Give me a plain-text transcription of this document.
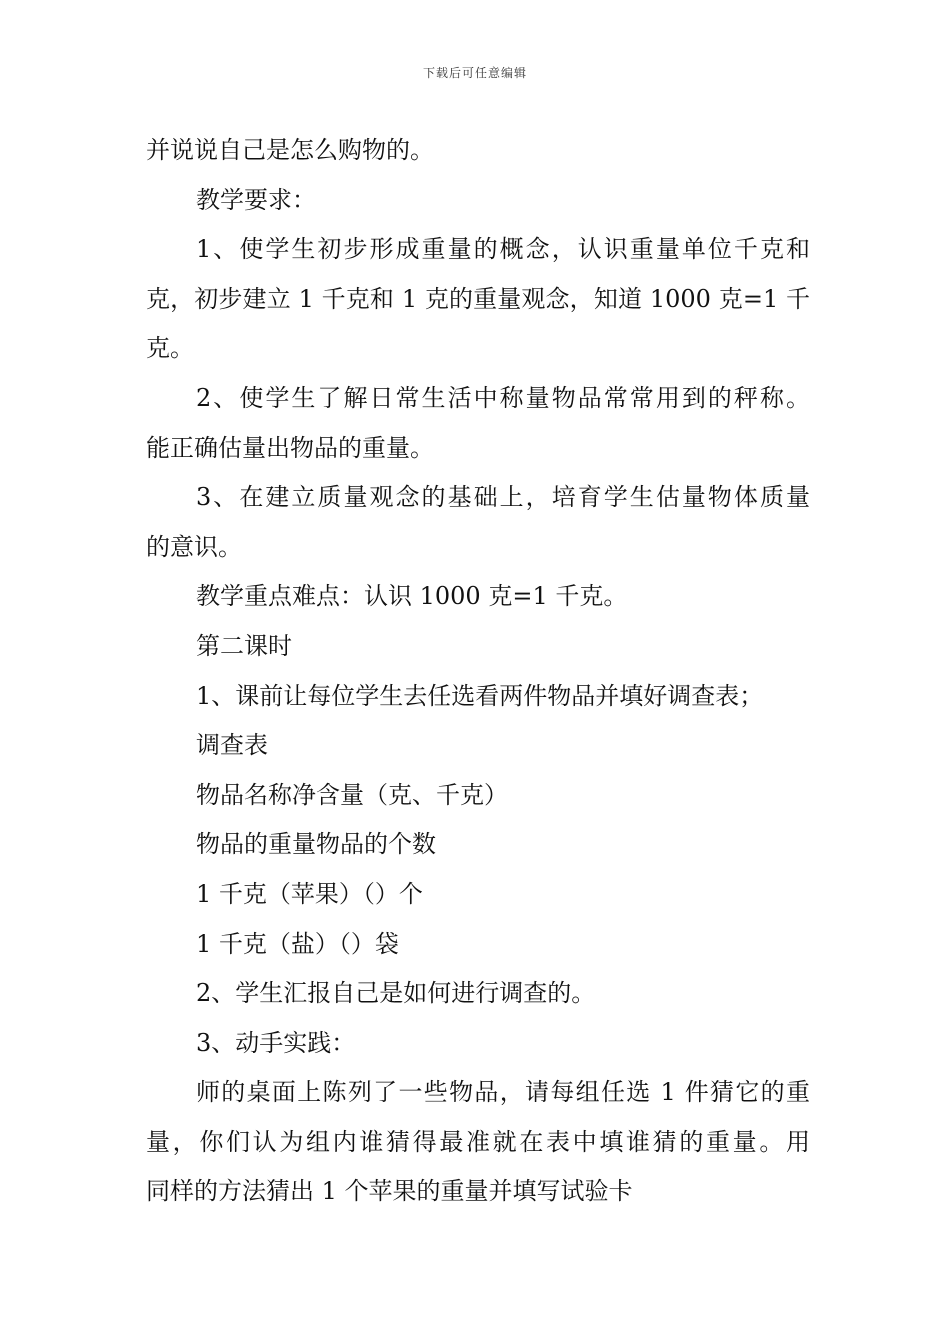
下载后可任意编辑
并说说自己是怎么购物的。
教学要求：
1、使学生初步形成重量的概念，认识重量单位千克和
克，初步建立 1 千克和 1 克的重量观念，知道 1000 克=1 千
克。
2、使学生了解日常生活中称量物品常常用到的秤称。
能正确估量出物品的重量。
3、在建立质量观念的基础上，培育学生估量物体质量
的意识。
教学重点难点：认识 1000 克=1 千克。
第二课时
1、课前让每位学生去任选看两件物品并填好调查表；
调查表
物品名称净含量（克、千克）
物品的重量物品的个数
1 千克（苹果）（）个
1 千克（盐）（）袋
2、学生汇报自己是如何进行调查的。
3、动手实践：
师的桌面上陈列了一些物品，请每组任选 1 件猜它的重
量，你们认为组内谁猜得最准就在表中填谁猜的重量。用
同样的方法猜出 1 个苹果的重量并填写试验卡
